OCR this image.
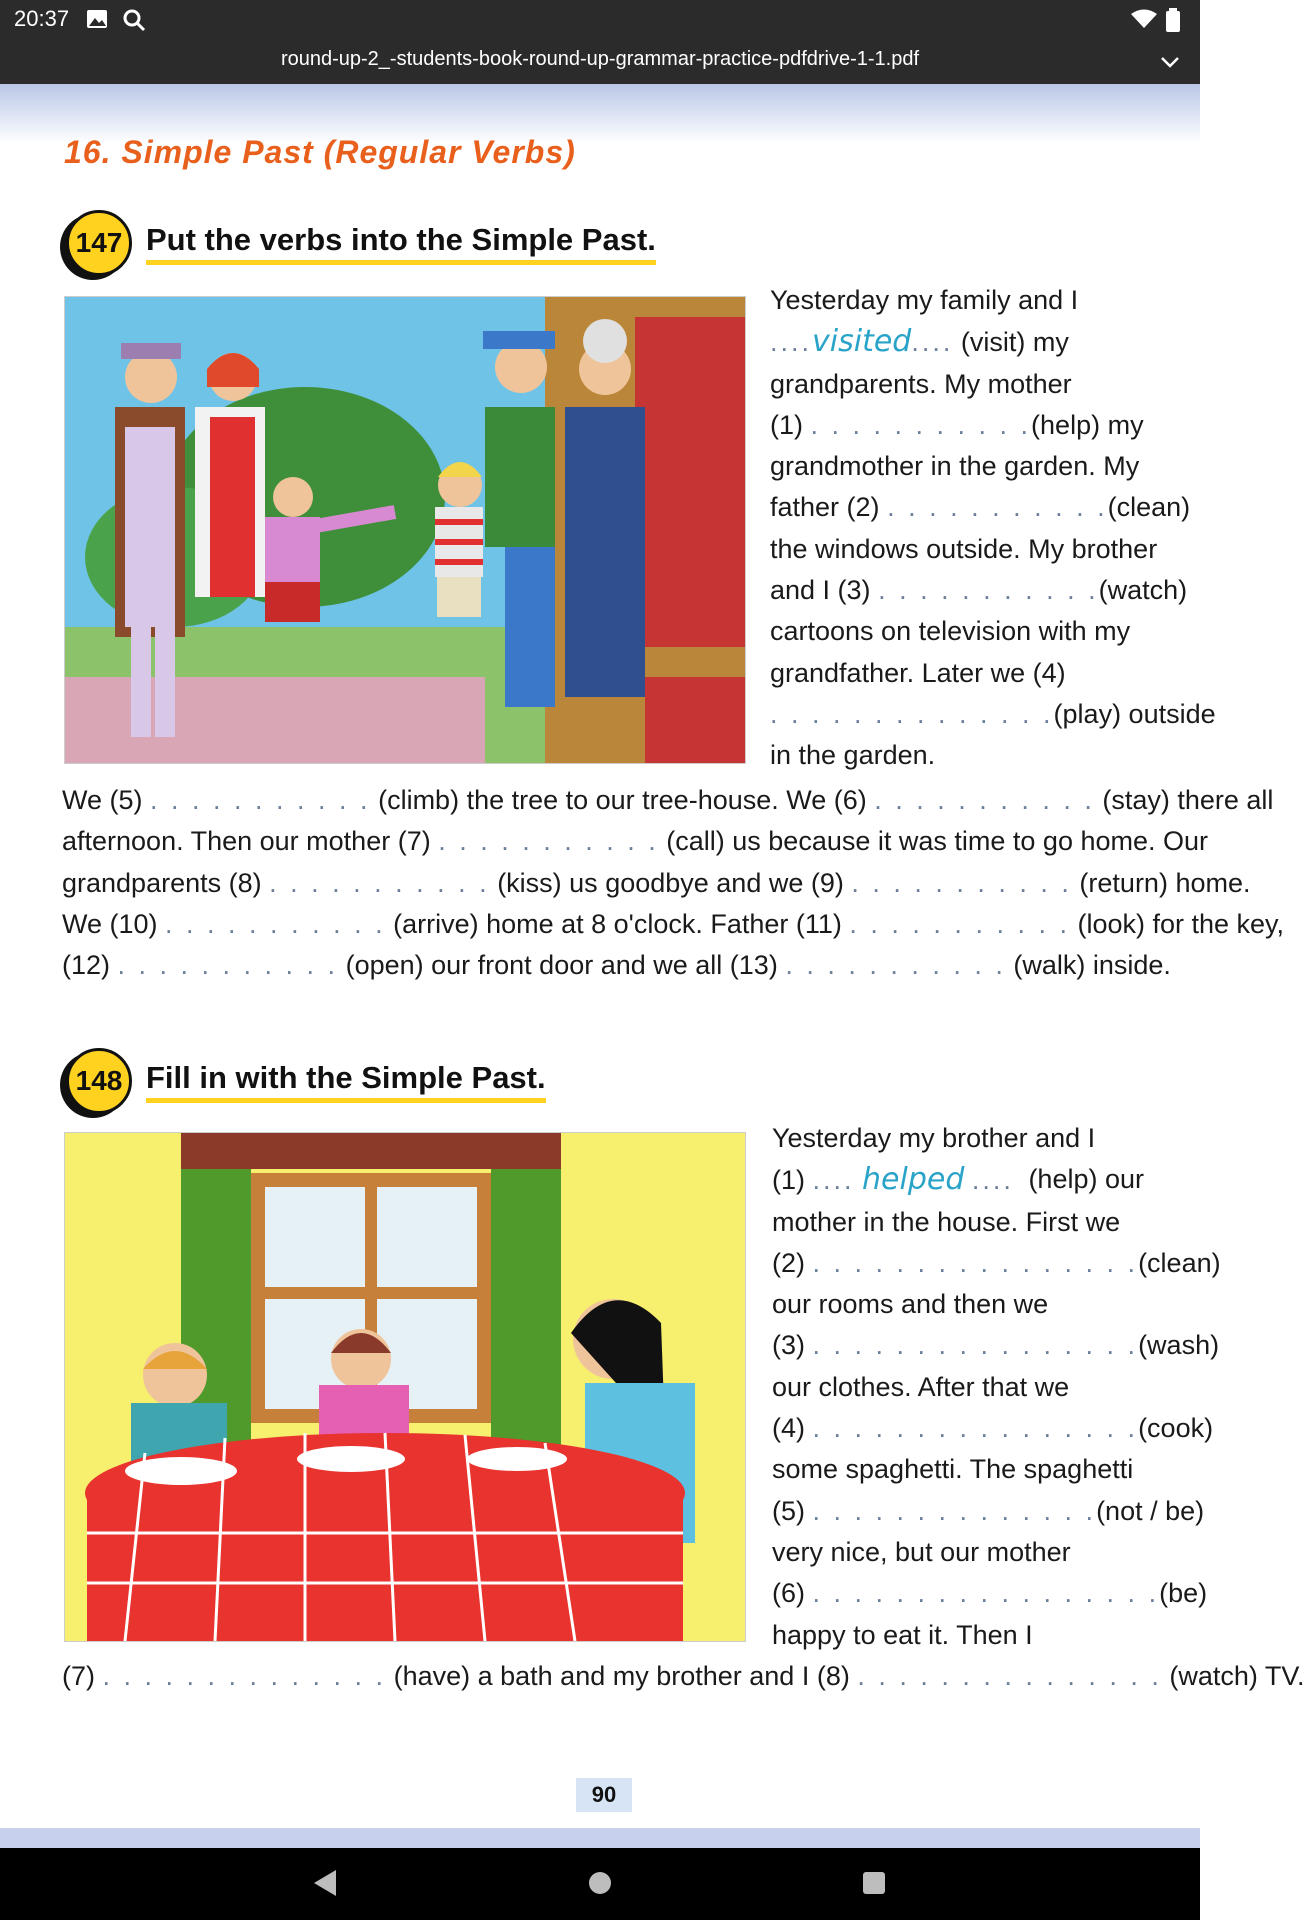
20:37
round-up-2_-students-book-round-up-grammar-practice-pdfdrive-1-1.pdf
16. Simple Past (Regular Verbs)
147 Put the verbs into the Simple Past.
Yesterday my family and I
....visited.... (visit) my
grandparents. My mother
(1) . . . . . . . . . . . (help) my
grandmother in the garden. My
father (2) . . . . . . . . . . . (clean)
the windows outside. My brother
and I (3) . . . . . . . . . . . (watch)
cartoons on television with my
grandfather. Later we (4)
. . . . . . . . . . . . . . (play) outside
in the garden.
We (5) . . . . . . . . . . . (climb) the tree to our tree-house. We (6) . . . . . . . . . . . (stay) there all
afternoon. Then our mother (7) . . . . . . . . . . . (call) us because it was time to go home. Our
grandparents (8) . . . . . . . . . . . (kiss) us goodbye and we (9) . . . . . . . . . . . (return) home.
We (10) . . . . . . . . . . . (arrive) home at 8 o'clock. Father (11) . . . . . . . . . . . (look) for the key,
(12) . . . . . . . . . . . (open) our front door and we all (13) . . . . . . . . . . . (walk) inside.
148 Fill in with the Simple Past.
Yesterday my brother and I
(1) .... helped .... (help) our
mother in the house. First we
(2) . . . . . . . . . . . . . . . . (clean)
our rooms and then we
(3) . . . . . . . . . . . . . . . . (wash)
our clothes. After that we
(4) . . . . . . . . . . . . . . . . (cook)
some spaghetti. The spaghetti
(5) . . . . . . . . . . . . . . (not / be)
very nice, but our mother
(6) . . . . . . . . . . . . . . . . . (be)
happy to eat it. Then I
(7) . . . . . . . . . . . . . . (have) a bath and my brother and I (8) . . . . . . . . . . . . . . . (watch) TV.
90
